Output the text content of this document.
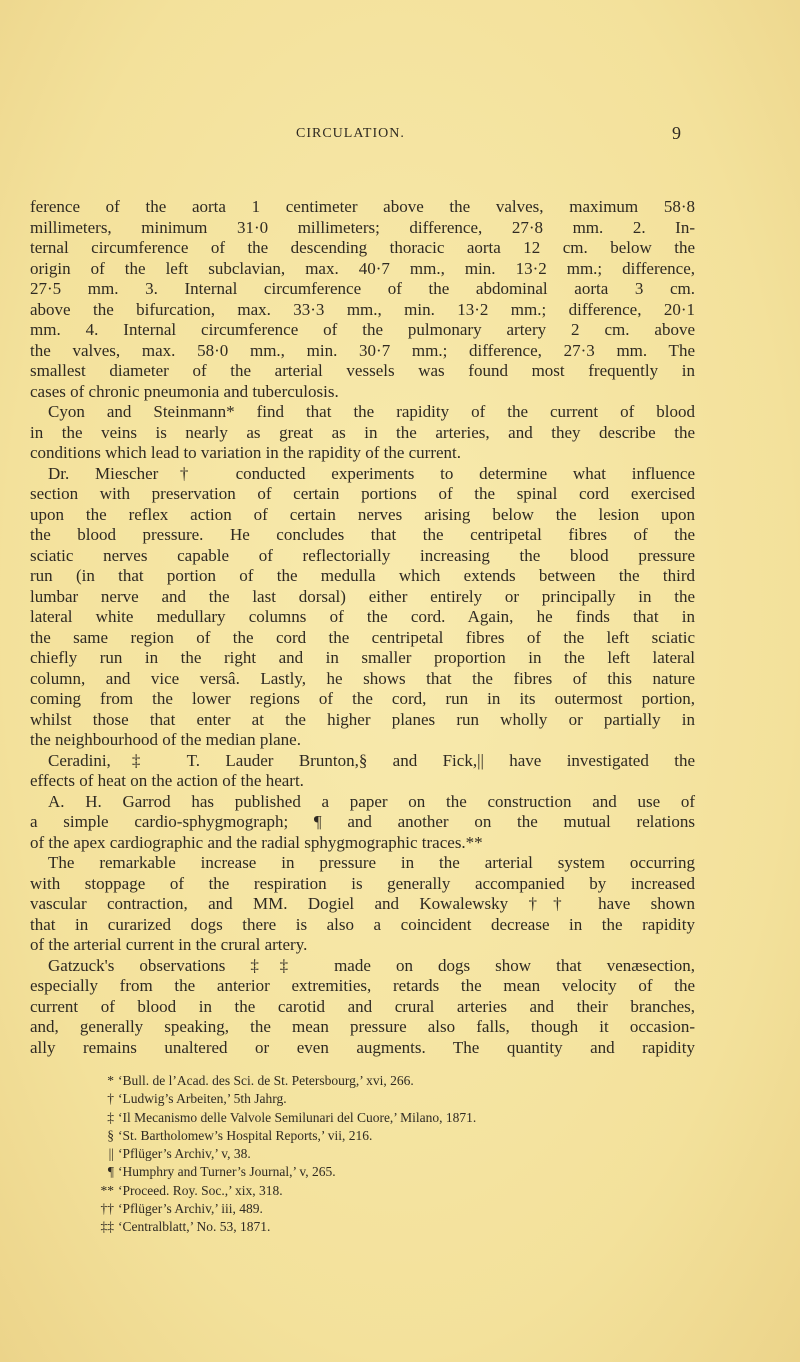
CIRCULATION.	9
ference of the aorta 1 centimeter above the valves, maximum 58·8
millimeters, minimum 31·0 millimeters; difference, 27·8 mm. 2. In-
ternal circumference of the descending thoracic aorta 12 cm. below the
origin of the left subclavian, max. 40·7 mm., min. 13·2 mm.; difference,
27·5 mm. 3. Internal circumference of the abdominal aorta 3 cm.
above the bifurcation, max. 33·3 mm., min. 13·2 mm.; difference, 20·1
mm. 4. Internal circumference of the pulmonary artery 2 cm. above
the valves, max. 58·0 mm., min. 30·7 mm.; difference, 27·3 mm. The
smallest diameter of the arterial vessels was found most frequently in
cases of chronic pneumonia and tuberculosis.
Cyon and Steinmann* find that the rapidity of the current of blood
in the veins is nearly as great as in the arteries, and they describe the
conditions which lead to variation in the rapidity of the current.
Dr. Miescher† conducted experiments to determine what influence
section with preservation of certain portions of the spinal cord exercised
upon the reflex action of certain nerves arising below the lesion upon
the blood pressure. He concludes that the centripetal fibres of the
sciatic nerves capable of reflectorially increasing the blood pressure
run (in that portion of the medulla which extends between the third
lumbar nerve and the last dorsal) either entirely or principally in the
lateral white medullary columns of the cord. Again, he finds that in
the same region of the cord the centripetal fibres of the left sciatic
chiefly run in the right and in smaller proportion in the left lateral
column, and vice versâ. Lastly, he shows that the fibres of this nature
coming from the lower regions of the cord, run in its outermost portion,
whilst those that enter at the higher planes run wholly or partially in
the neighbourhood of the median plane.
Ceradini,‡ T. Lauder Brunton,§ and Fick,|| have investigated the
effects of heat on the action of the heart.
A. H. Garrod has published a paper on the construction and use of
a simple cardio-sphygmograph; ¶ and another on the mutual relations
of the apex cardiographic and the radial sphygmographic traces.**
The remarkable increase in pressure in the arterial system occurring
with stoppage of the respiration is generally accompanied by increased
vascular contraction, and MM. Dogiel and Kowalewsky †† have shown
that in curarized dogs there is also a coincident decrease in the rapidity
of the arterial current in the crural artery.
Gatzuck's observations ‡‡ made on dogs show that venæsection,
especially from the anterior extremities, retards the mean velocity of the
current of blood in the carotid and crural arteries and their branches,
and, generally speaking, the mean pressure also falls, though it occasion-
ally remains unaltered or even augments. The quantity and rapidity
* ‘Bull. de l’Acad. des Sci. de St. Petersbourg,’ xvi, 266.
† ‘Ludwig’s Arbeiten,’ 5th Jahrg.
‡ ‘Il Mecanismo delle Valvole Semilunari del Cuore,’ Milano, 1871.
§ ‘St. Bartholomew’s Hospital Reports,’ vii, 216.
|| ‘Pflüger’s Archiv,’ v, 38.
¶ ‘Humphry and Turner’s Journal,’ v, 265.
** ‘Proceed. Roy. Soc.,’ xix, 318.
†† ‘Pflüger’s Archiv,’ iii, 489.
‡‡ ‘Centralblatt,’ No. 53, 1871.
